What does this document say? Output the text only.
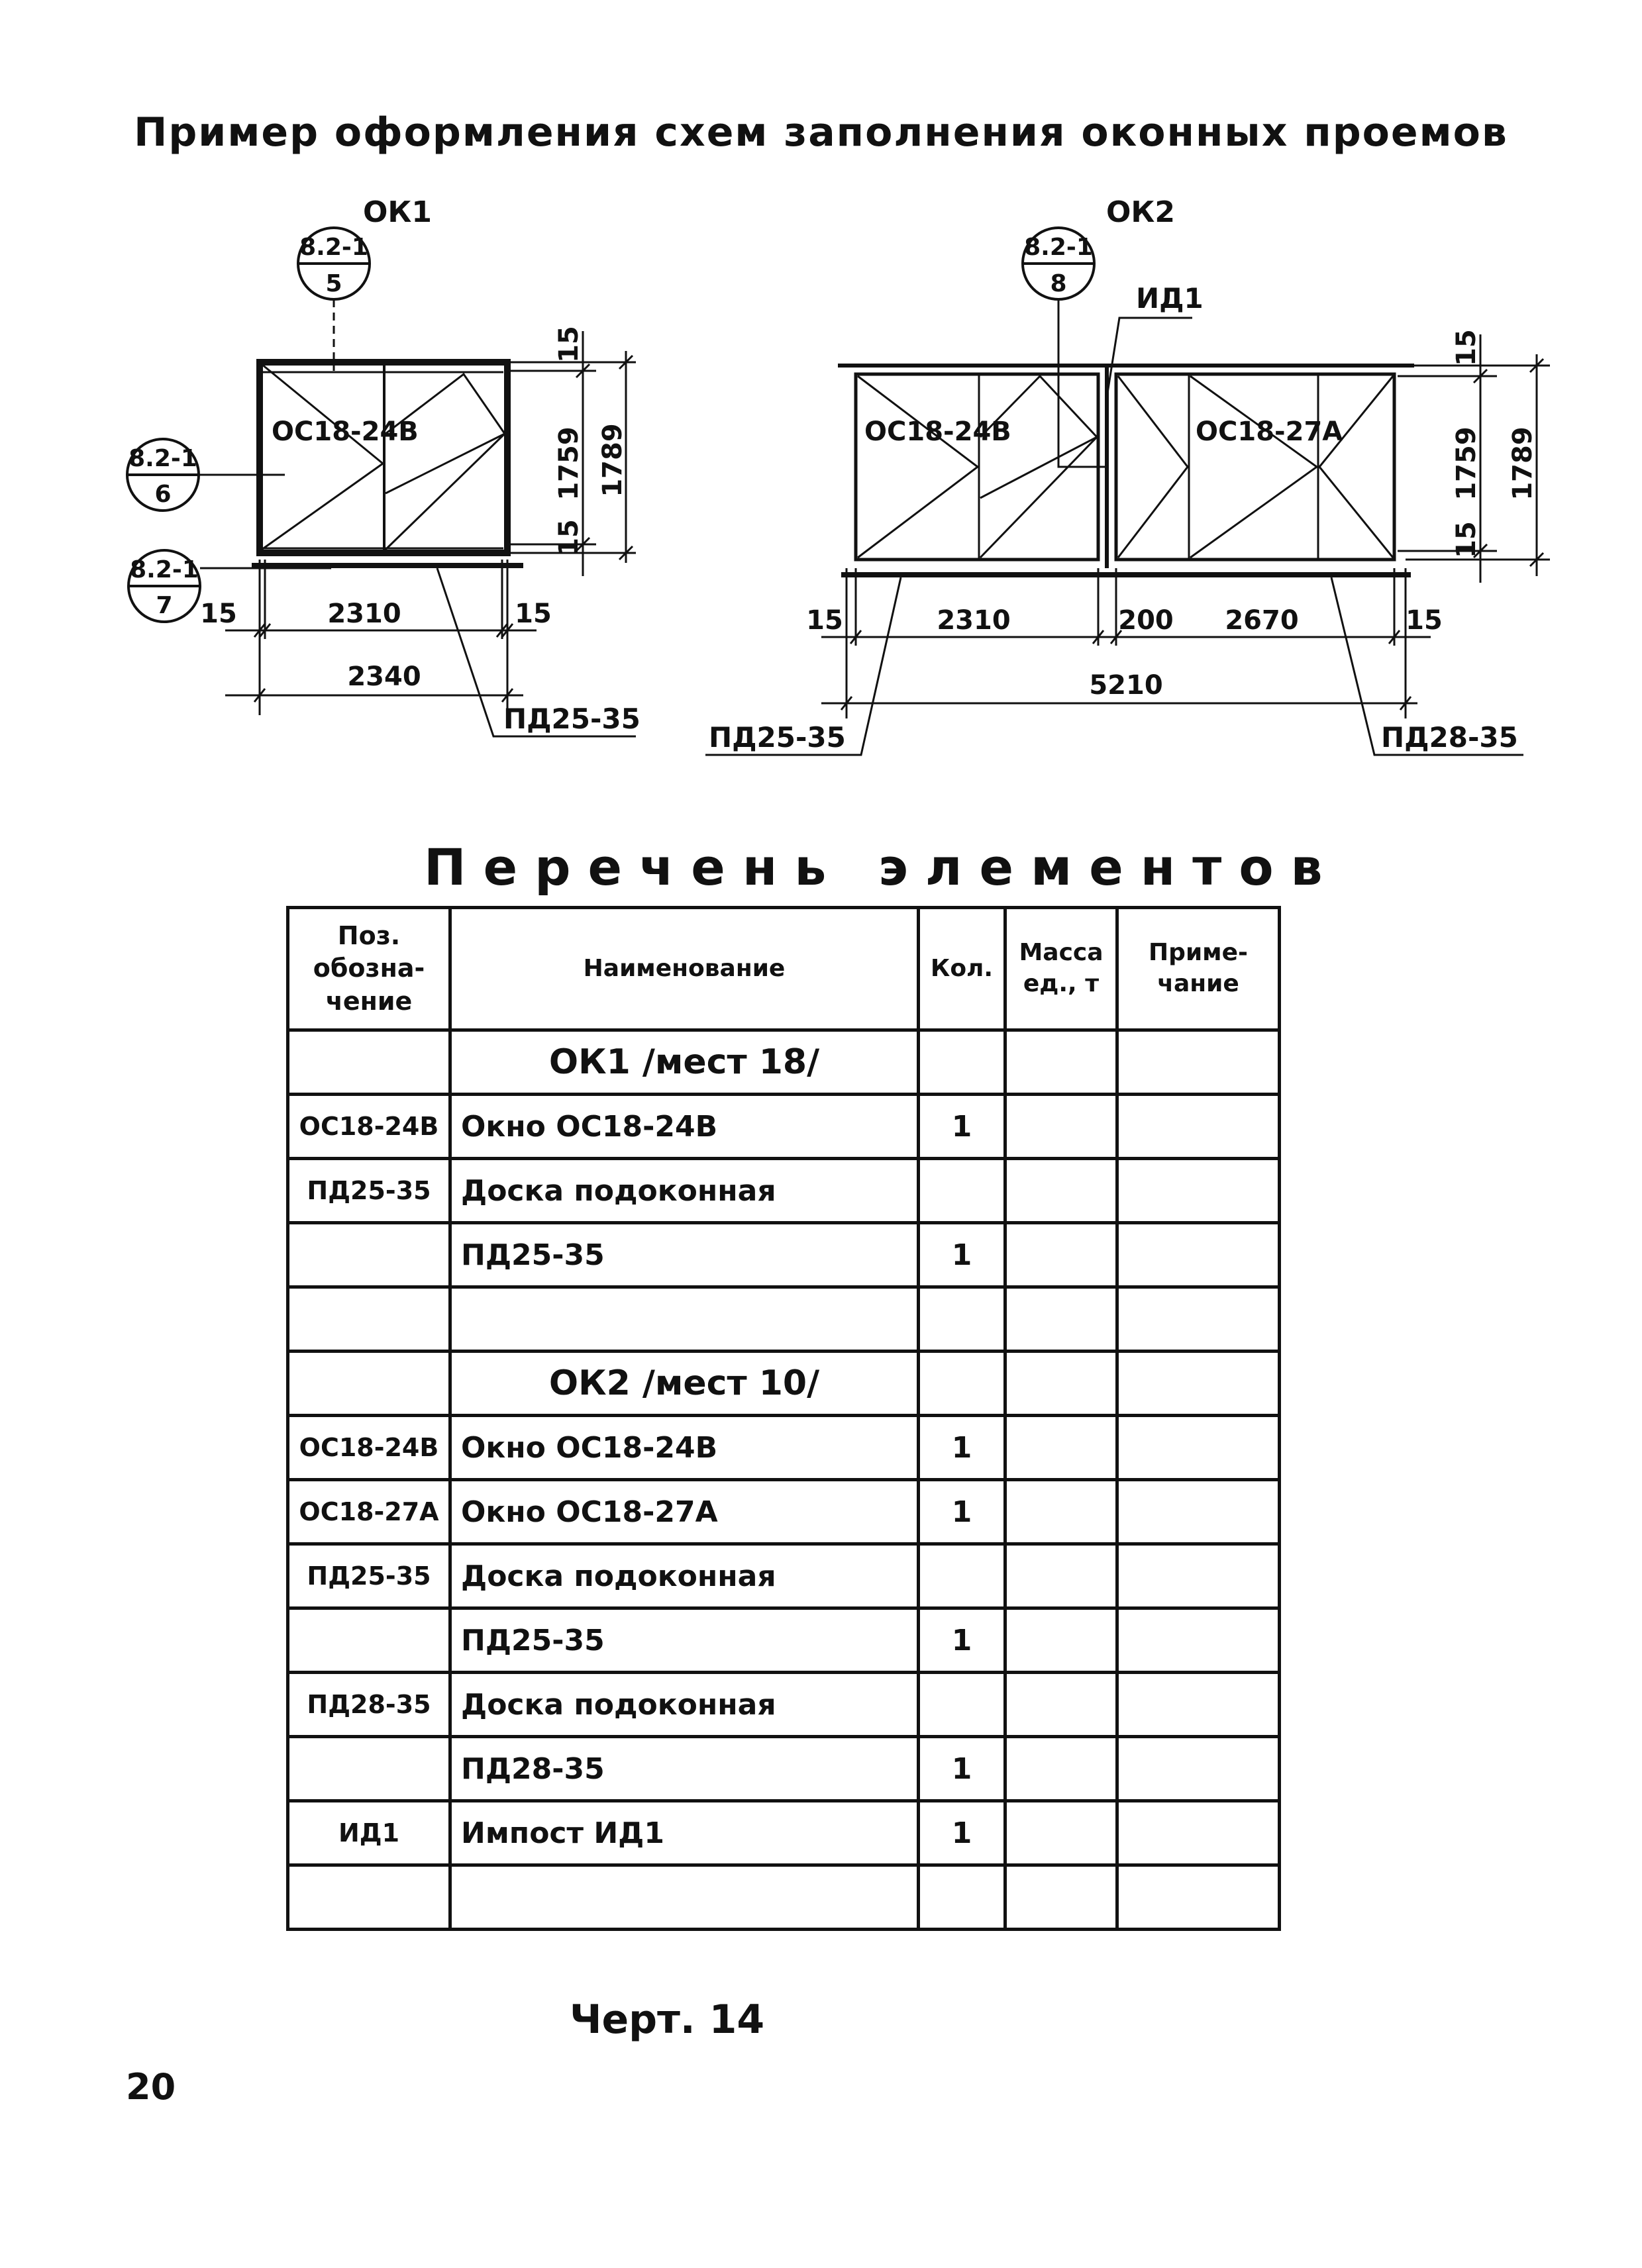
Пример оформления схем заполнения оконных проемов
ОК1
ОС18-24В
8.2-1
5
8.2-1
6
8.2-1
7 15	2310	15
2340
15
1759
15
1789
ПД25-35
ОК2
ОС18-24В	ОС18-27А
8.2-1
8 ИД1
15	2310	200 2670	15
5210
15
1759
15
1789
ПД25-35	ПД28-35
Перечень элементов
Поз. обозна-чение	Наименование	Кол.	Масса ед., т	Приме-чание
	ОК1 /мест 18/			
ОС18-24В	Окно ОС18-24В	1		
ПД25-35	Доска подоконная			
	ПД25-35	1		

	ОК2 /мест 10/			
ОС18-24В	Окно ОС18-24В	1		
ОС18-27А	Окно ОС18-27А	1		
ПД25-35	Доска подоконная			
	ПД25-35	1		
ПД28-35	Доска подоконная			
	ПД28-35	1		
ИД1	Импост ИД1	1		

Черт. 14
20
